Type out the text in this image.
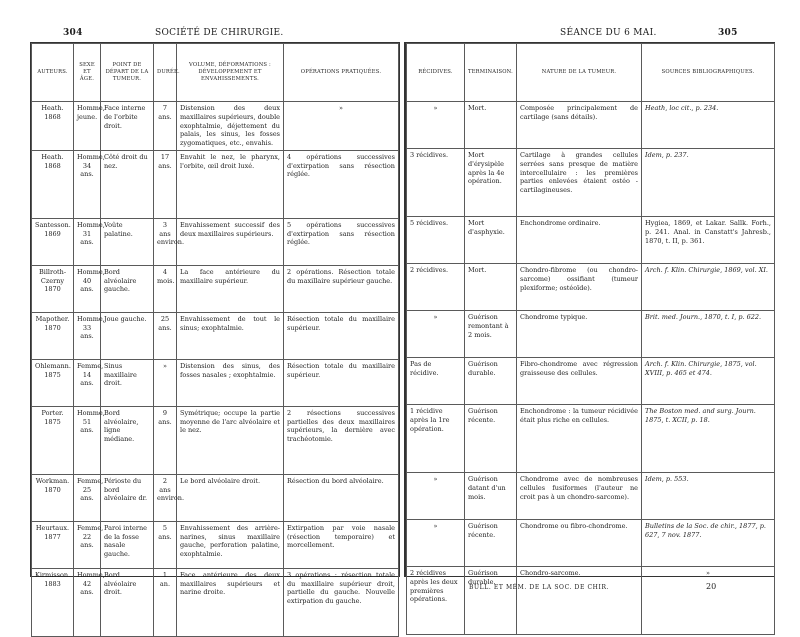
304	SOCIÉTÉ DE CHIRURGIE.	SÉANCE DU 6 MAI.	305
AUTEURS.	SEXE ET ÂGE.	POINT DE DÉPART DE LA TUMEUR.	DURÉE.	VOLUME, DÉFORMATIONS : DÉVELOPPEMENT ET ENVAHISSEMENTS.	OPÉRATIONS PRATIQUÉES.
Heath. 1868	Homme, jeune.	Face interne de l'orbite droit.	7 ans.	Distension des deux maxillaires supérieurs, double exophtalmie, déjettement du palais, les sinus, les fosses zygomatiques, etc., envahis.	»
Heath. 1868	Homme, 34 ans.	Côté droit du nez.	17 ans.	Envahit le nez, le pharynx, l'orbite, œil droit luxé.	4 opérations successives d'extirpation sans résection réglée.
Santesson. 1869	Homme, 31 ans.	Voûte palatine.	3 ans environ.	Envahissement successif des deux maxillaires supérieurs.	5 opérations successives d'extirpation sans résection réglée.
Billroth-Czerny 1870	Homme, 40 ans.	Bord alvéolaire gauche.	4 mois.	La face antérieure du maxillaire supérieur.	2 opérations. Résection totale du maxillaire supérieur gauche.
Mapother. 1870	Homme, 33 ans.	Joue gauche.	25 ans.	Envahissement de tout le sinus; exophtalmie.	Résection totale du maxillaire supérieur.
Ohlemann. 1875	Femme, 14 ans.	Sinus maxillaire droit.	»	Distension des sinus, des fosses nasales ; exophtalmie.	Résection totale du maxillaire supérieur.
Porter. 1875	Homme, 51 ans.	Bord alvéolaire, ligne médiane.	9 ans.	Symétrique; occupe la partie moyenne de l'arc alvéolaire et le nez.	2 résections successives partielles des deux maxillaires supérieurs, la dernière avec trachéotomie.
Workman. 1870	Femme, 25 ans.	Périoste du bord alvéolaire dr.	2 ans environ.	Le bord alvéolaire droit.	Résection du bord alvéolaire.
Heurtaux. 1877	Femme, 22 ans.	Paroi interne de la fosse nasale gauche.	5 ans.	Envahissement des arrière-narines, sinus maxillaire gauche, perforation palatine, exophtalmie.	Extirpation par voie nasale (résection temporaire) et morcellement.
Kirmisson. 1883	Homme, 42 ans.	Bord alvéolaire droit.	1 an.	Face antérieure des deux maxillaires supérieurs et narine droite.	3 opérations : résection totale du maxillaire supérieur droit, partielle du gauche. Nouvelle extirpation du gauche.
RÉCIDIVES.	TERMINAISON.	NATURE DE LA TUMEUR.	SOURCES BIBLIOGRAPHIQUES.
»	Mort.	Composée principalement de cartilage (sans détails).	Heath, loc cit., p. 234.
3 récidives.	Mort d'érysipèle après la 4e opération.	Cartilage à grandes cellules serrées sans presque de matière intercellulaire : les premières parties enlevées étaient ostéo - cartilagineuses.	Idem, p. 237.
5 récidives.	Mort d'asphyxie.	Enchondrome ordinaire.	Hygiea, 1869, et Lakar. Sallk. Forh., p. 241. Anal. in Canstatt's Jahresb., 1870, t. II, p. 361.
2 récidives.	Mort.	Chondro-fibrome (ou chondro-sarcome) ossifiant (tumeur plexiforme; ostéoïde).	Arch. f. Klin. Chirurgie, 1869, vol. XI.
»	Guérison remontant à 2 mois.	Chondrome typique.	Brit. med. Journ., 1870, t. I, p. 622.
Pas de récidive.	Guérison durable.	Fibro-chondrome avec régression graisseuse des cellules.	Arch. f. Klin. Chirurgie, 1875, vol. XVIII, p. 465 et 474.
1 récidive après la 1re opération.	Guérison récente.	Enchondrome : la tumeur récidivée était plus riche en cellules.	The Boston med. and surg. Journ. 1875, t. XCII, p. 18.
»	Guérison datant d'un mois.	Chondrome avec de nombreuses cellules fusiformes (l'auteur ne croit pas à un chondro-sarcome).	Idem, p. 553.
»	Guérison récente.	Chondrome ou fibro-chondrome.	Bulletins de la Soc. de chir., 1877, p. 627, 7 nov. 1877.
2 récidives après les deux premières opérations.	Guérison durable.	Chondro-sarcome.	»
BULL. ET MÉM. DE LA SOC. DE CHIR.	20
